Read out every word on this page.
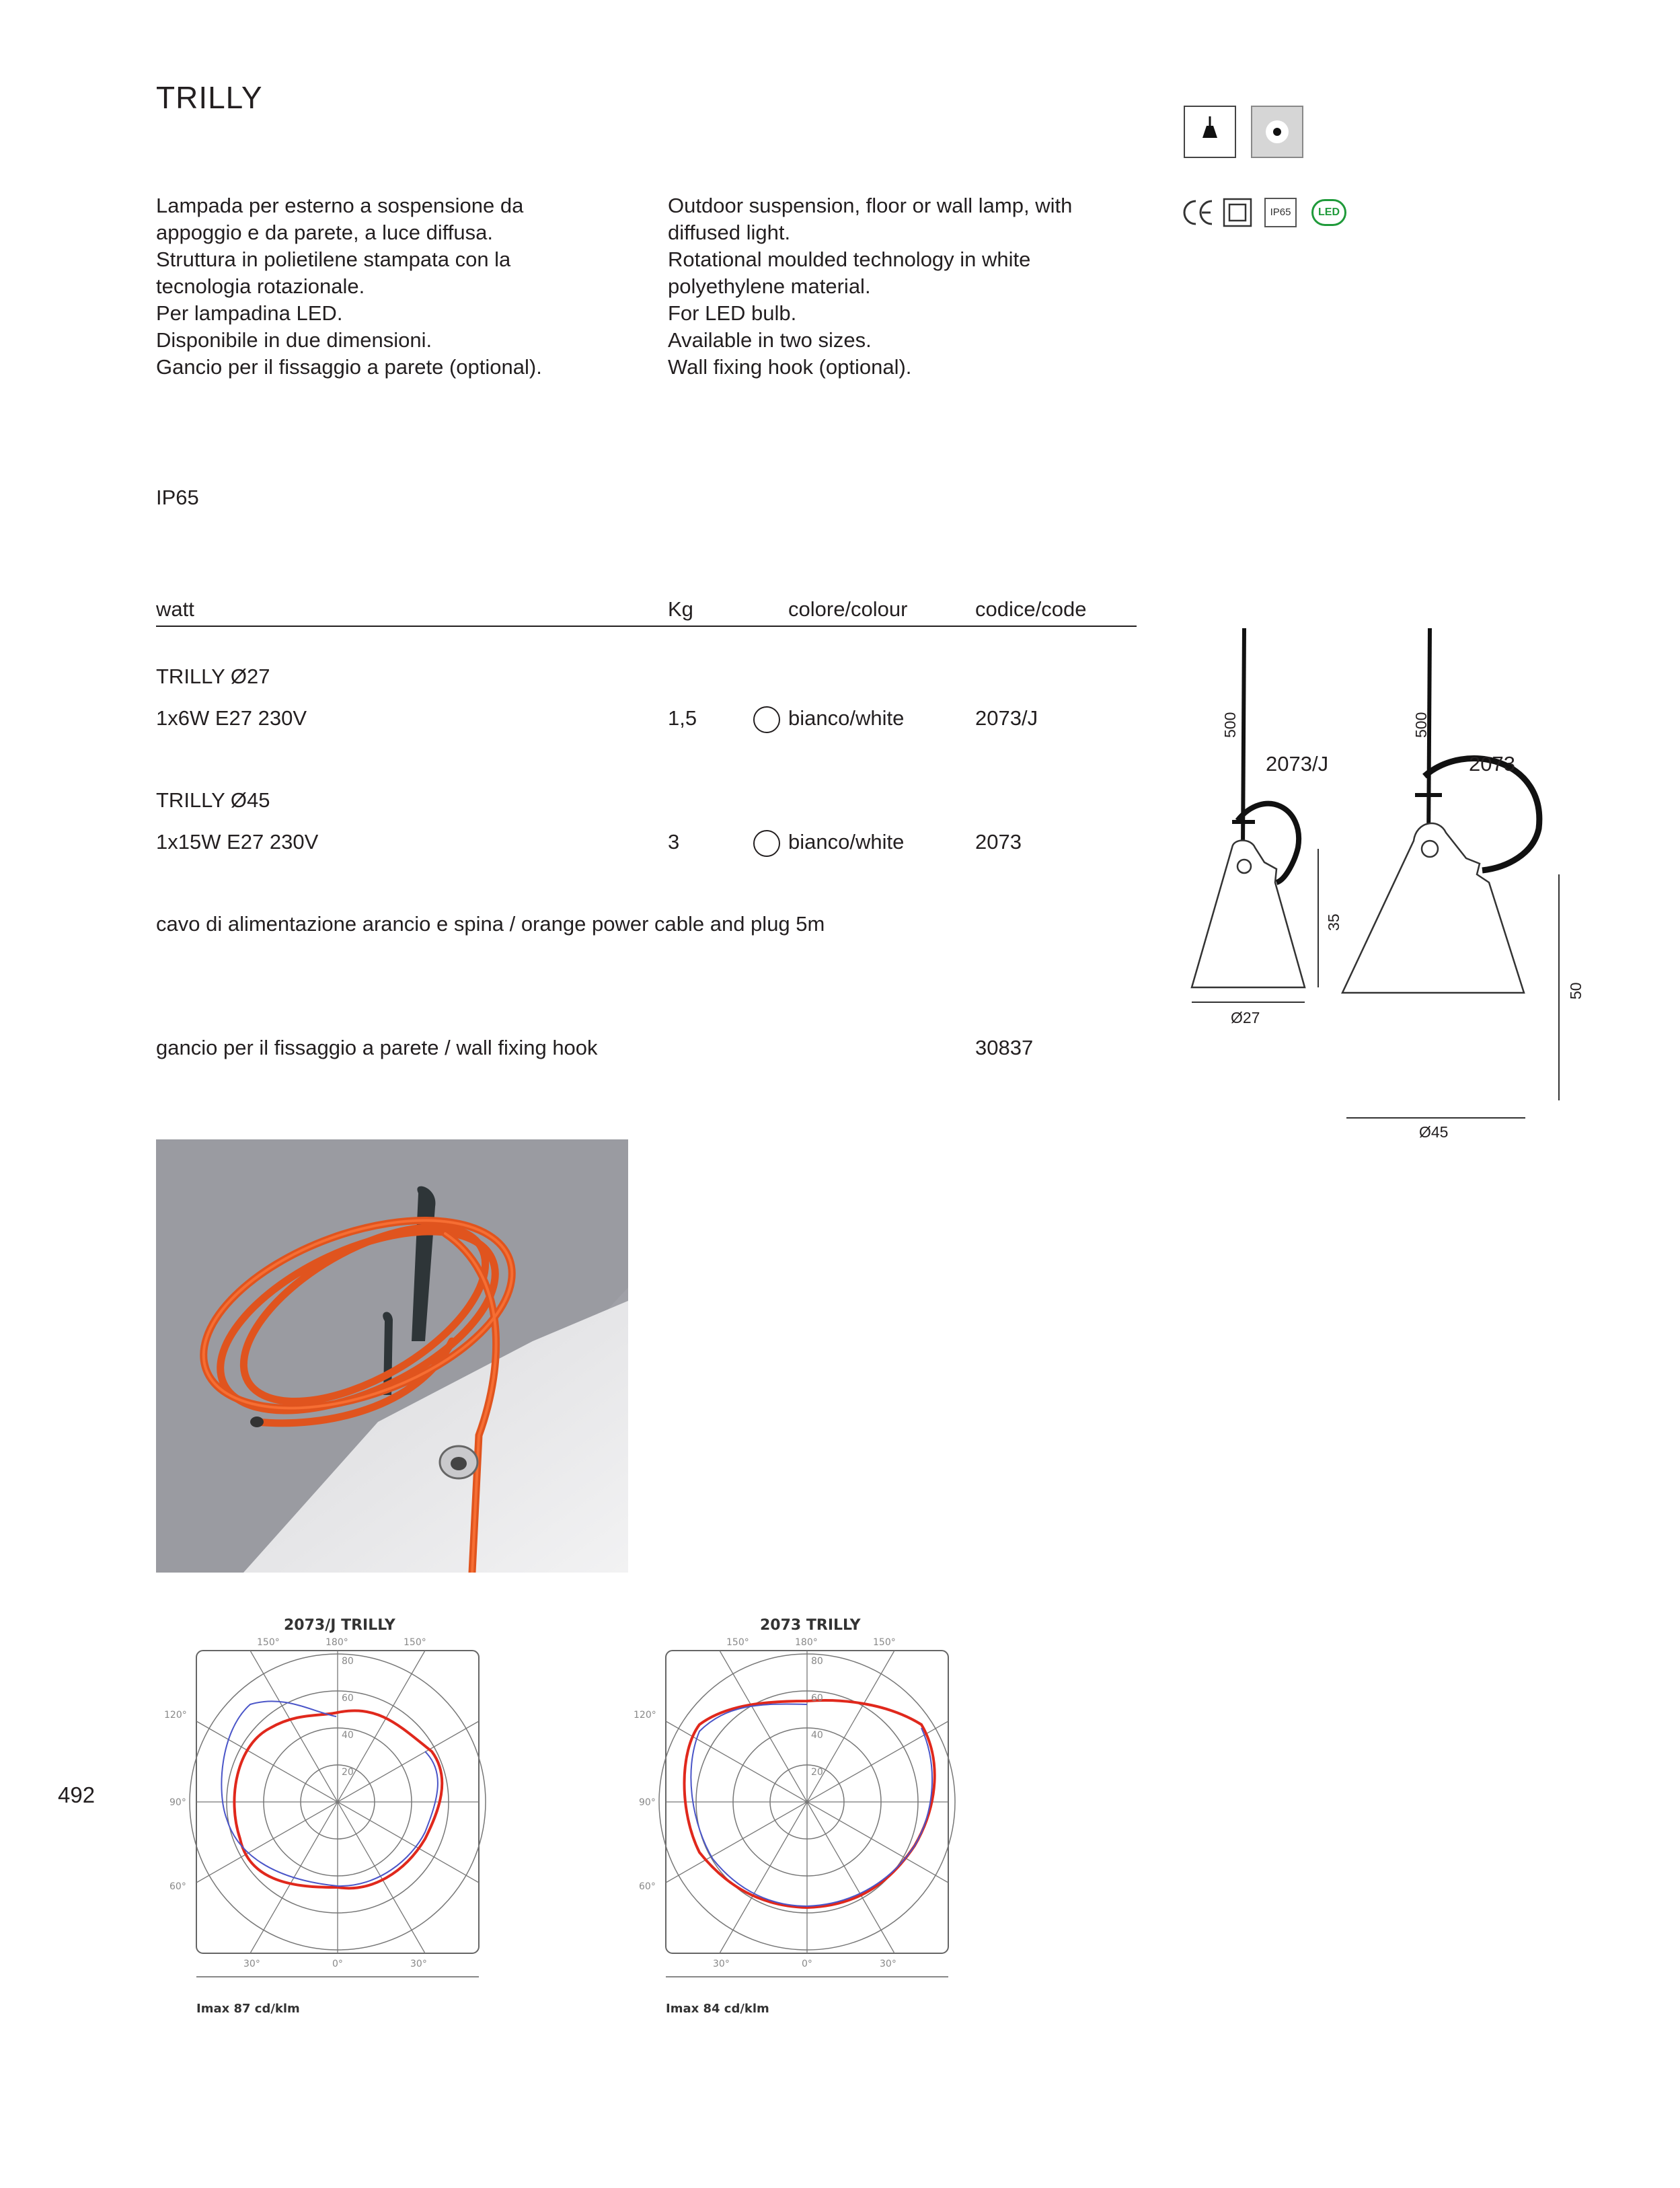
TRILLY
IP65	LED
Lampada per esterno a sospensione da
appoggio e da parete, a luce diffusa.
Struttura in polietilene stampata con la
tecnologia rotazionale.
Per lampadina LED.
Disponibile in due dimensioni.
Gancio per il fissaggio a parete (optional).
Outdoor suspension, floor or wall lamp, with
diffused light.
Rotational moulded technology in white
polyethylene material.
For LED bulb.
Available in two sizes.
Wall fixing hook (optional).
IP65
watt	Kg	colore/colour	codice/code
TRILLY Ø27
1x6W E27 230V	1,5	bianco/white	2073/J
TRILLY Ø45
1x15W E27 230V	3	bianco/white	2073
cavo di alimentazione arancio e spina / orange power cable and plug 5m
gancio per il fissaggio a parete / wall fixing hook	30837
500
2073/J
35
Ø27
500
2073
50
Ø45
2073/J TRILLY
150°	180°	150°
120°
90°
60°
30°	0°	30°
80
60
40
20
Imax 87 cd/klm
2073 TRILLY
150°	180°	150°
120°
90°
60°
30°	0°	30°
80
60
40
20
Imax 84 cd/klm
492
